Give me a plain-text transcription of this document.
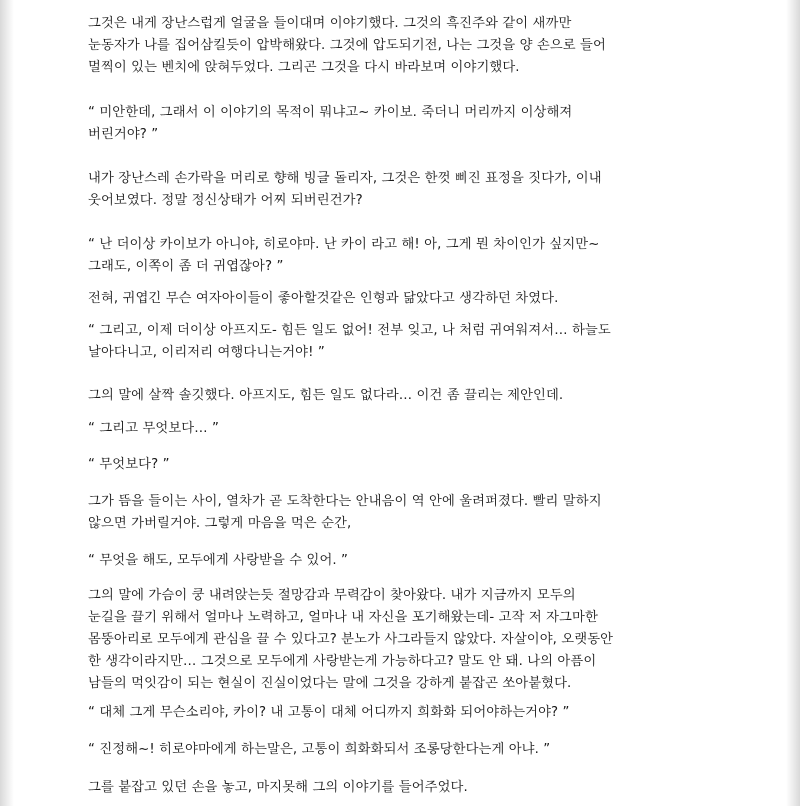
그것은 내게 장난스럽게 얼굴을 들이대며 이야기했다. 그것의 흑진주와 같이 새까만
눈동자가 나를 집어삼킬듯이 압박해왔다. 그것에 압도되기전, 나는 그것을 양 손으로 들어
멀찍이 있는 벤치에 앉혀두었다. 그리곤 그것을 다시 바라보며 이야기했다.
“ 미안한데, 그래서 이 이야기의 목적이 뭐냐고~ 카이보. 죽더니 머리까지 이상해져
버린거야? ”
내가 장난스레 손가락을 머리로 향해 빙글 돌리자, 그것은 한껏 삐진 표정을 짓다가, 이내
웃어보였다. 정말 정신상태가 어찌 되버린건가?
“ 난 더이상 카이보가 아니야, 히로야마. 난 카이 라고 해! 아, 그게 뭔 차이인가 싶지만~
그래도, 이쪽이 좀 더 귀엽잖아? ”
전혀, 귀엽긴 무슨 여자아이들이 좋아할것같은 인형과 닮았다고 생각하던 차였다.
“ 그리고, 이제 더이상 아프지도- 힘든 일도 없어! 전부 잊고, 나 처럼 귀여워져서… 하늘도
날아다니고, 이리저리 여행다니는거야! ”
그의 말에 살짝 솔깃했다. 아프지도, 힘든 일도 없다라… 이건 좀 끌리는 제안인데.
“ 그리고 무엇보다… ”
“ 무엇보다? ”
그가 뜸을 들이는 사이, 열차가 곧 도착한다는 안내음이 역 안에 울려퍼졌다. 빨리 말하지
않으면 가버릴거야. 그렇게 마음을 먹은 순간,
“ 무엇을 해도, 모두에게 사랑받을 수 있어. ”
그의 말에 가슴이 쿵 내려앉는듯 절망감과 무력감이 찾아왔다. 내가 지금까지 모두의
눈길을 끌기 위해서 얼마나 노력하고, 얼마나 내 자신을 포기해왔는데- 고작 저 자그마한
몸뚱아리로 모두에게 관심을 끌 수 있다고? 분노가 사그라들지 않았다. 자살이야, 오랫동안
한 생각이라지만… 그것으로 모두에게 사랑받는게 가능하다고? 말도 안 돼. 나의 아픔이
남들의 먹잇감이 되는 현실이 진실이었다는 말에 그것을 강하게 붙잡곤 쏘아붙혔다.
“ 대체 그게 무슨소리야, 카이? 내 고통이 대체 어디까지 희화화 되어야하는거야? ”
“ 진정해~! 히로야마에게 하는말은, 고통이 희화화되서 조롱당한다는게 아냐. ”
그를 붙잡고 있던 손을 놓고, 마지못해 그의 이야기를 들어주었다.
